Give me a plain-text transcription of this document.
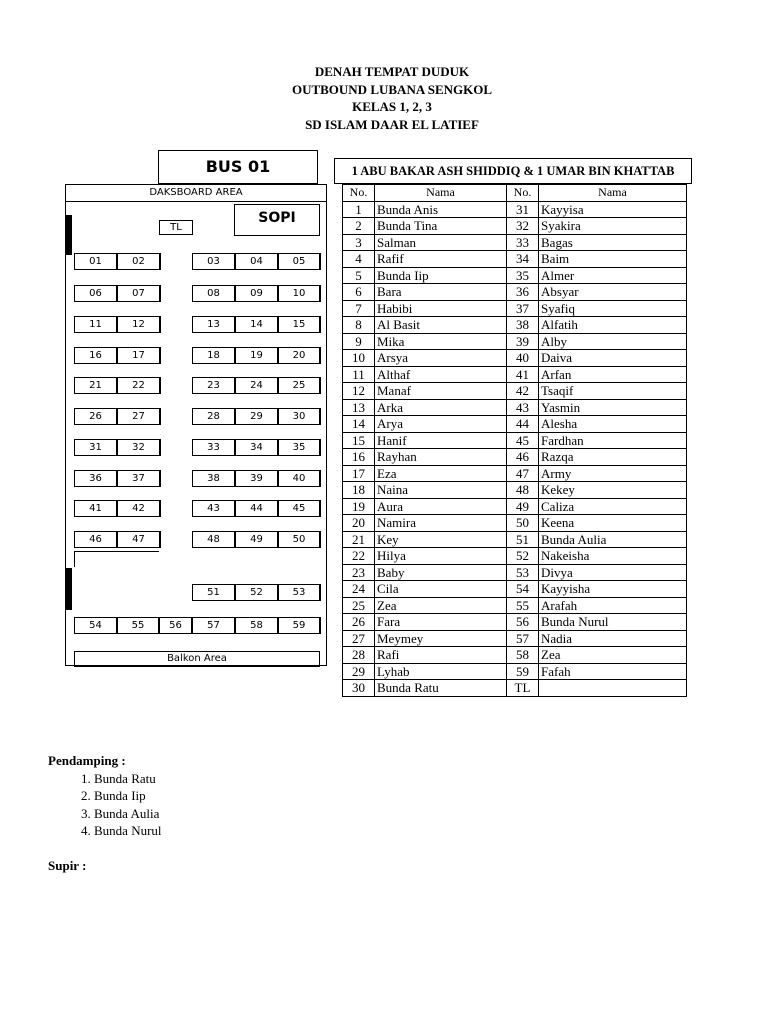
DENAH TEMPAT DUDUK
OUTBOUND LUBANA SENGKOL
KELAS 1, 2, 3
SD ISLAM DAAR EL LATIEF
BUS 01	1 ABU BAKAR ASH SHIDDIQ & 1 UMAR BIN KHATTAB
DAKSBOARD AREA
SOPI
TL
01	02	03	04	05
06	07	08	09	10
11	12	13	14	15
16	17	18	19	20
21	22	23	24	25
26	27	28	29	30
31	32	33	34	35
36	37	38	39	40
41	42	43	44	45
46	47	48	49	50
51	52	53
54	55	56	57	58	59
Balkon Area
No.	Nama	No.	Nama
1	Bunda Anis	31	Kayyisa
2	Bunda Tina	32	Syakira
3	Salman	33	Bagas
4	Rafif	34	Baim
5	Bunda Iip	35	Almer
6	Bara	36	Absyar
7	Habibi	37	Syafiq
8	Al Basit	38	Alfatih
9	Mika	39	Alby
10	Arsya	40	Daiva
11	Althaf	41	Arfan
12	Manaf	42	Tsaqif
13	Arka	43	Yasmin
14	Arya	44	Alesha
15	Hanif	45	Fardhan
16	Rayhan	46	Razqa
17	Eza	47	Army
18	Naina	48	Kekey
19	Aura	49	Caliza
20	Namira	50	Keena
21	Key	51	Bunda Aulia
22	Hilya	52	Nakeisha
23	Baby	53	Divya
24	Cila	54	Kayyisha
25	Zea	55	Arafah
26	Fara	56	Bunda Nurul
27	Meymey	57	Nadia
28	Rafi	58	Zea
29	Lyhab	59	Fafah
30	Bunda Ratu	TL	
Pendamping :
1. Bunda Ratu
2. Bunda Iip
3. Bunda Aulia
4. Bunda Nurul
Supir :
